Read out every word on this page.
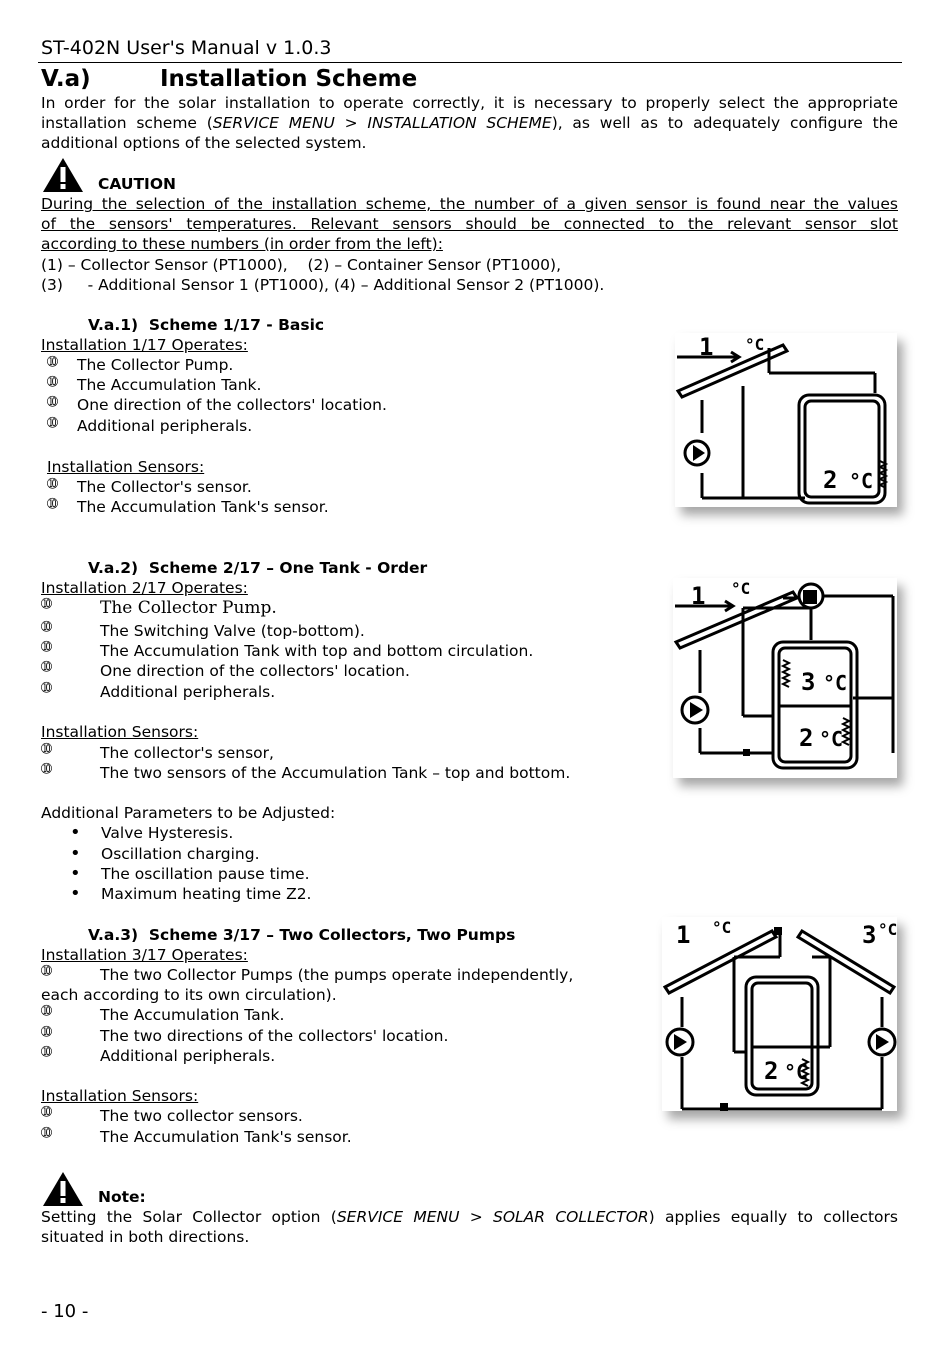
ST-402N User's Manual v 1.0.3
V.a)	Installation Scheme
In order for the solar installation to operate correctly, it is necessary to properly select the appropriate
installation scheme (SERVICE MENU > INSTALLATION SCHEME), as well as to adequately configure the
additional options of the selected system.
CAUTION
During the selection of the installation scheme, the number of a given sensor is found near the values
of the sensors' temperatures. Relevant sensors should be connected to the relevant sensor slot
according to these numbers (in order from the left):
(1) – Collector Sensor (PT1000),    (2) – Container Sensor (PT1000),
(3)     - Additional Sensor 1 (PT1000), (4) – Additional Sensor 2 (PT1000).
V.a.1)  Scheme 1/17 - Basic
Installation 1/17 Operates:
➉ The Collector Pump.
➉ The Accumulation Tank.
➉ One direction of the collectors' location.
➉ Additional peripherals.
Installation Sensors:
➉ The Collector's sensor.
➉ The Accumulation Tank's sensor.
1 °C
2 °C
V.a.2)  Scheme 2/17 – One Tank - Order
Installation 2/17 Operates:
➉	The Collector Pump.
➉	The Switching Valve (top-bottom).
➉	The Accumulation Tank with top and bottom circulation.
➉	One direction of the collectors' location.
➉	Additional peripherals.
Installation Sensors:
➉	The collector's sensor,
➉	The two sensors of the Accumulation Tank – top and bottom.
Additional Parameters to be Adjusted:
• Valve Hysteresis.
• Oscillation charging.
• The oscillation pause time.
• Maximum heating time Z2.
1 °C
3 °C
2 °C
V.a.3)  Scheme 3/17 – Two Collectors, Two Pumps
Installation 3/17 Operates:
➉	The two Collector Pumps (the pumps operate independently,
each according to its own circulation).
➉	The Accumulation Tank.
➉	The two directions of the collectors' location.
➉	Additional peripherals.
Installation Sensors:
➉	The two collector sensors.
➉	The Accumulation Tank's sensor.
1 °C	3 °C
2 °C
Note:
Setting the Solar Collector option (SERVICE MENU > SOLAR COLLECTOR) applies equally to collectors
situated in both directions.
- 10 -
